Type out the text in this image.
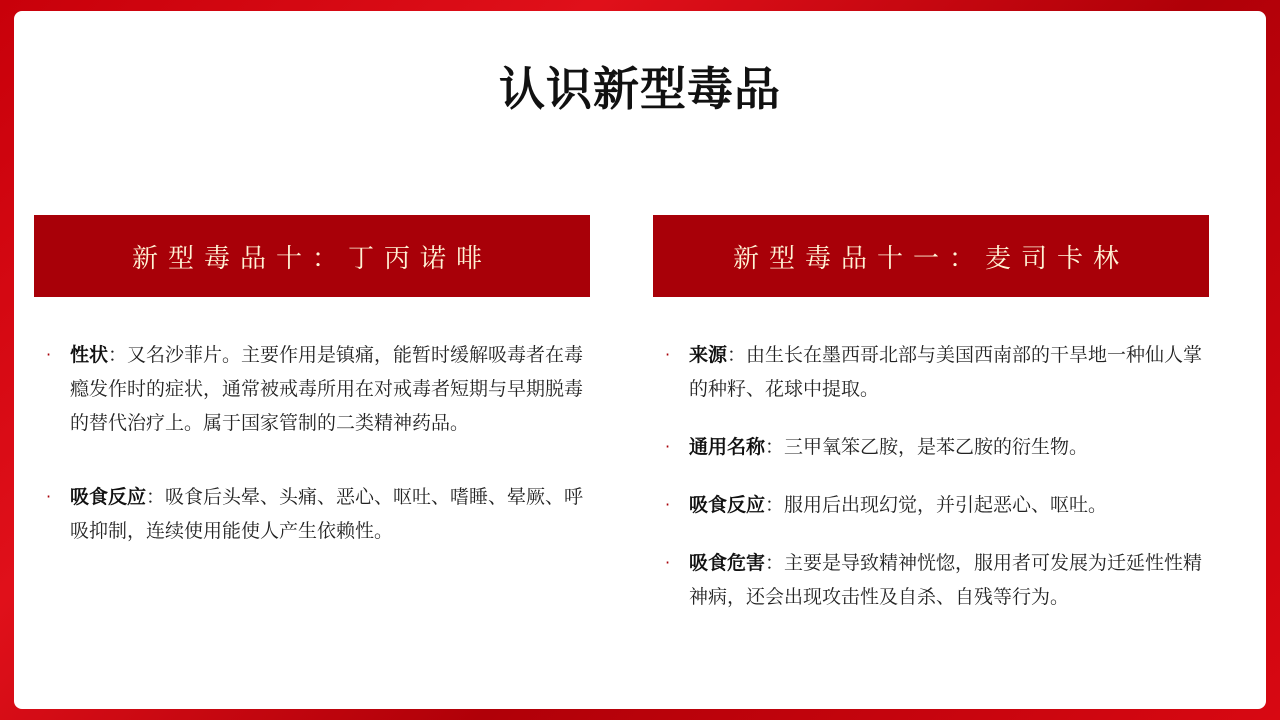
认识新型毒品
新型毒品十：丁丙诺啡	新型毒品十一：麦司卡林
· 性状：又名沙菲片。主要作用是镇痛，能暂时缓解吸毒者在毒瘾发作时的症状，通常被戒毒所用在对戒毒者短期与早期脱毒的替代治疗上。属于国家管制的二类精神药品。
· 吸食反应：吸食后头晕、头痛、恶心、呕吐、嗜睡、晕厥、呼吸抑制，连续使用能使人产生依赖性。
· 来源：由生长在墨西哥北部与美国西南部的干旱地一种仙人掌的种籽、花球中提取。
· 通用名称：三甲氧笨乙胺，是苯乙胺的衍生物。
· 吸食反应：服用后出现幻觉，并引起恶心、呕吐。
· 吸食危害：主要是导致精神恍惚，服用者可发展为迁延性性精神病，还会出现攻击性及自杀、自残等行为。
